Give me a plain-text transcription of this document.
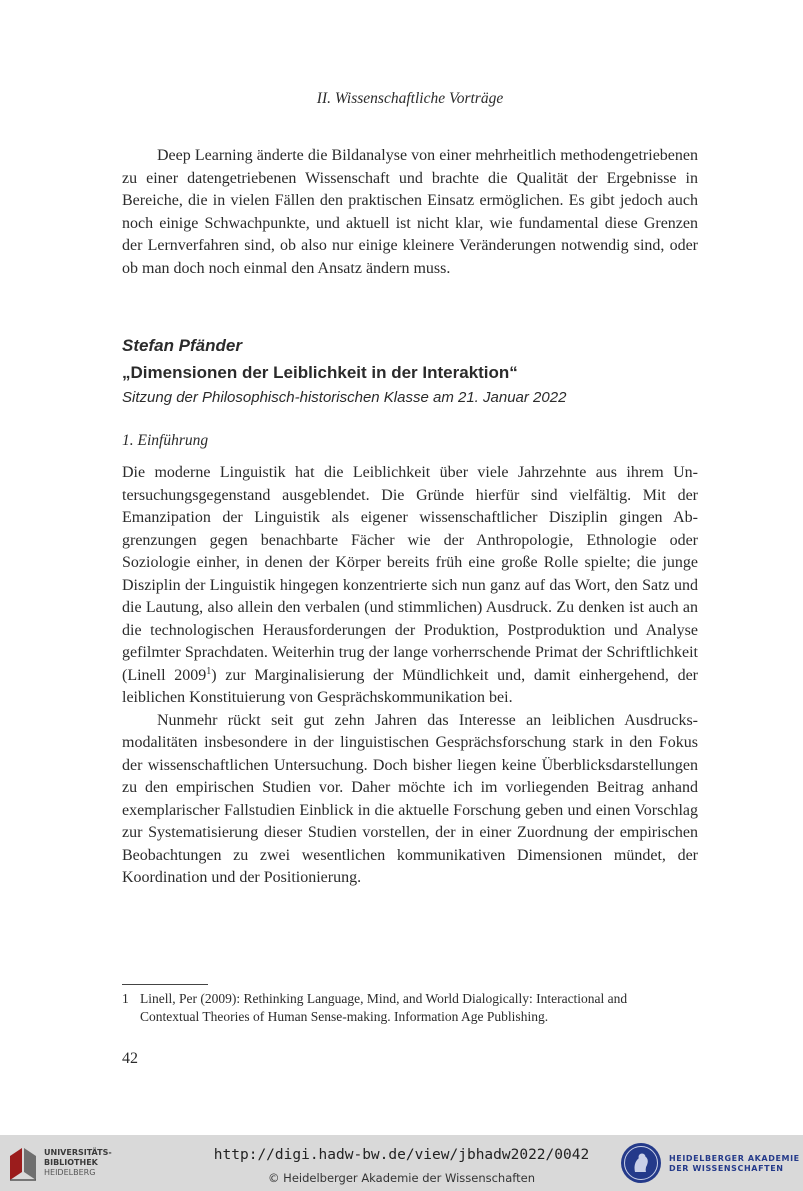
II. Wissenschaftliche Vorträge

Deep Learning änderte die Bildanalyse von einer mehrheitlich methodengetriebenen zu einer datengetriebenen Wissenschaft und brachte die Qualität der Ergebnisse in Bereiche, die in vielen Fällen den praktischen Einsatz ermöglichen. Es gibt jedoch auch noch einige Schwachpunkte, und aktuell ist nicht klar, wie fundamental diese Grenzen der Lernverfahren sind, ob also nur einige kleinere Veränderungen notwendig sind, oder ob man doch noch einmal den Ansatz ändern muss.

Stefan Pfänder
„Dimensionen der Leiblichkeit in der Interaktion“
Sitzung der Philosophisch-historischen Klasse am 21. Januar 2022
1. Einführung

Die moderne Linguistik hat die Leiblichkeit über viele Jahrzehnte aus ihrem Untersuchungsgegenstand ausgeblendet. Die Gründe hierfür sind vielfältig. Mit der Emanzipation der Linguistik als eigener wissenschaftlicher Disziplin gingen Abgrenzungen gegen benachbarte Fächer wie der Anthropologie, Ethnologie oder Soziologie einher, in denen der Körper bereits früh eine große Rolle spielte; die junge Disziplin der Linguistik hingegen konzentrierte sich nun ganz auf das Wort, den Satz und die Lautung, also allein den verbalen (und stimmlichen) Ausdruck. Zu denken ist auch an die technologischen Herausforderungen der Produktion, Postproduktion und Analyse gefilmter Sprachdaten. Weiterhin trug der lange vorherrschende Primat der Schriftlichkeit (Linell 2009$^1$) zur Marginalisierung der Mündlichkeit und, damit einhergehend, der leiblichen Konstituierung von Gesprächskommunikation bei.

Nunmehr rückt seit gut zehn Jahren das Interesse an leiblichen Ausdrucksmodalitäten insbesondere in der linguistischen Gesprächsforschung stark in den Fokus der wissenschaftlichen Untersuchung. Doch bisher liegen keine Überblicksdarstellungen zu den empirischen Studien vor. Daher möchte ich im vorliegenden Beitrag anhand exemplarischer Fallstudien Einblick in die aktuelle Forschung geben und einen Vorschlag zur Systematisierung dieser Studien vorstellen, der in einer Zuordnung der empirischen Beobachtungen zu zwei wesentlichen kommunikativen Dimensionen mündet, der Koordination und der Positionierung.

1 Linell, Per (2009): Rethinking Language, Mind, and World Dialogically: Interactional and
Contextual Theories of Human Sense-making. Information Age Publishing.
42
UNIVERSITÄTS-
BIBLIOTHEK
HEIDELBERG
http://digi.hadw-bw.de/view/jbhadw2022/0042
© Heidelberger Akademie der Wissenschaften
HEIDELBERGER AKADEMIE
DER WISSENSCHAFTEN
